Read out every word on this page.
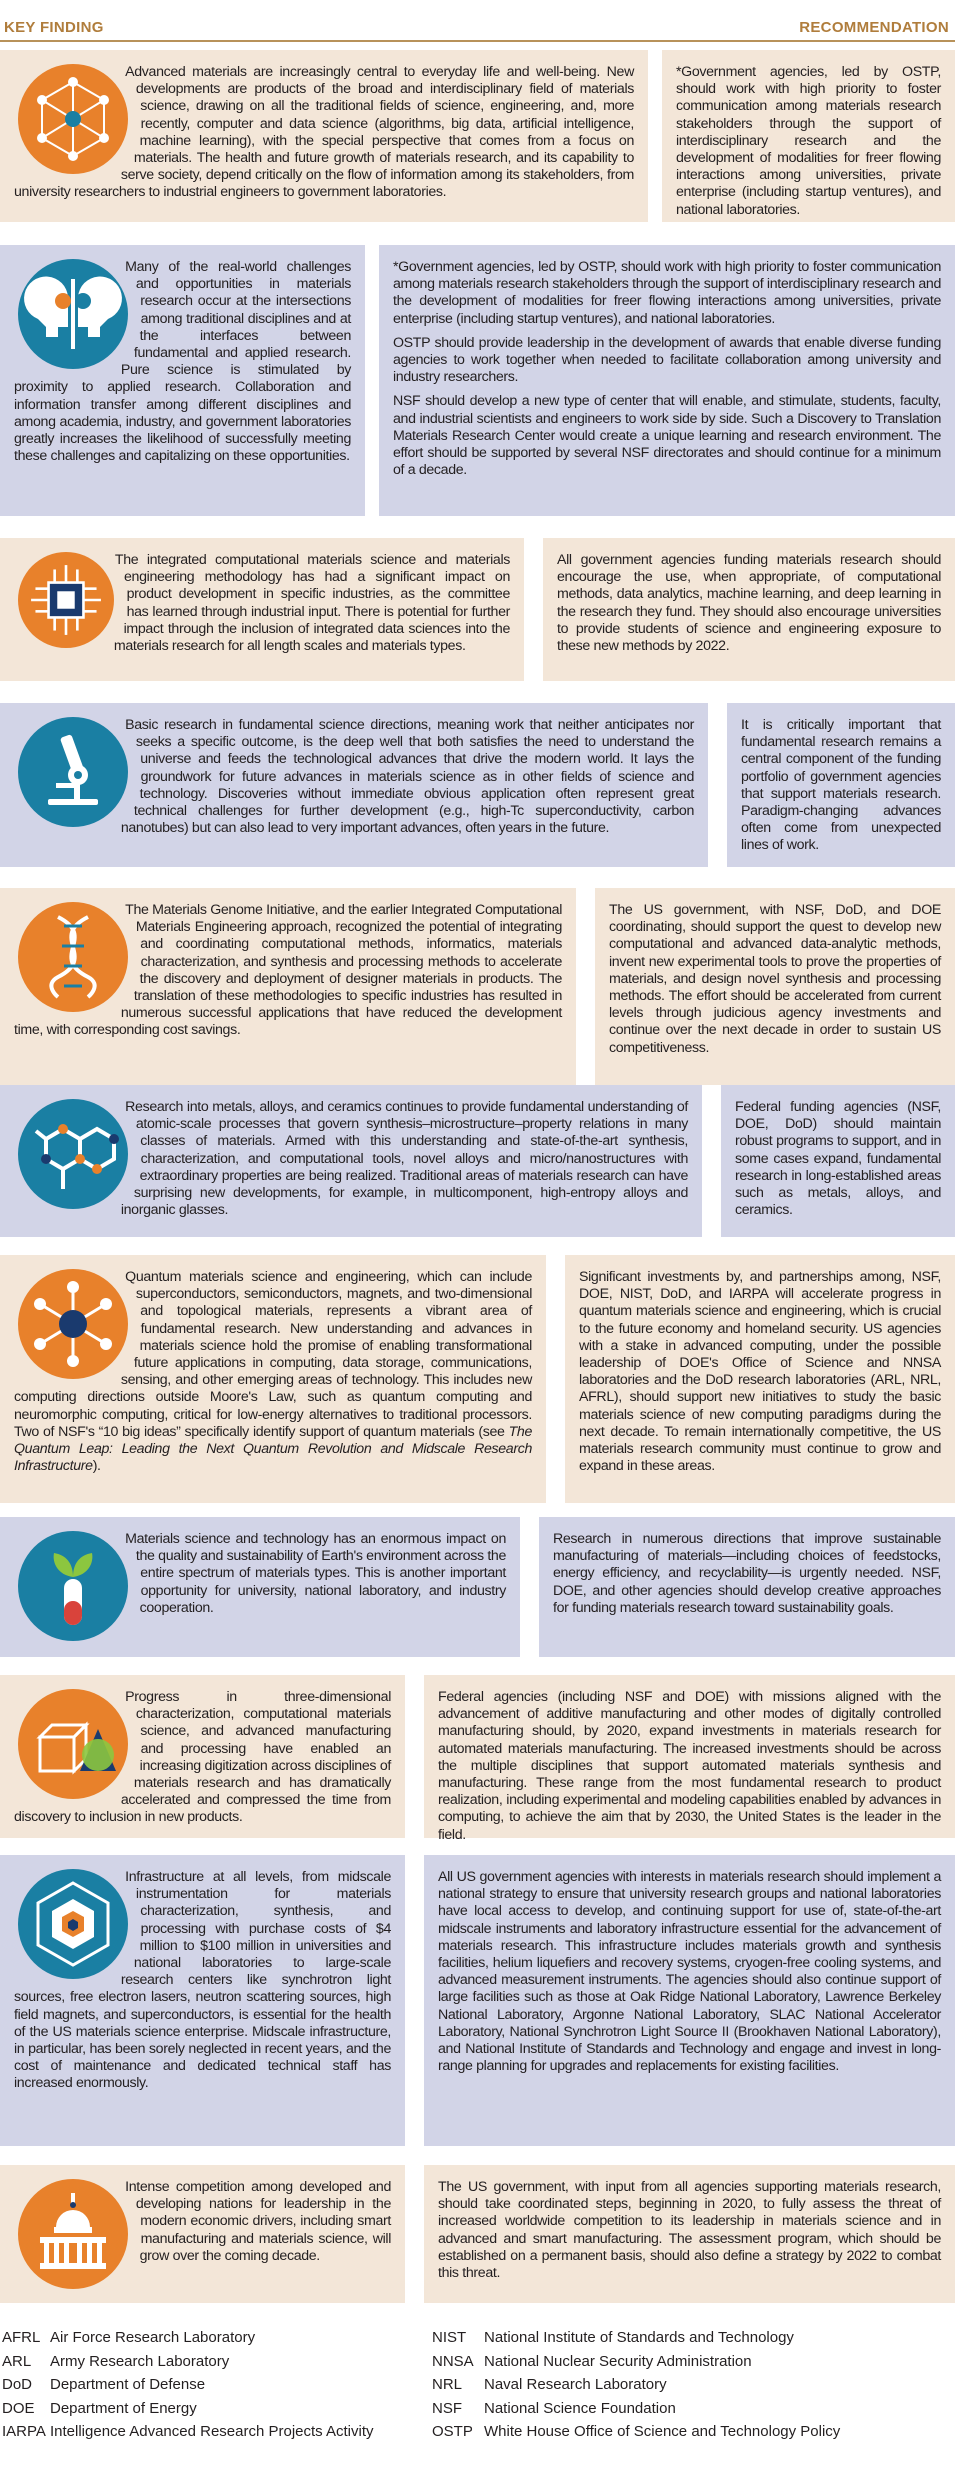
KEY FINDING	RECOMMENDATION

Advanced materials are increasingly central to everyday life and well-being. New developments are products of the broad and interdisciplinary field of materials science, drawing on all the traditional fields of science, engineering, and, more recently, computer and data science (algorithms, big data, artificial intelligence, machine learning), with the special perspective that comes from a focus on materials. The health and future growth of materials research, and its capability to serve society, depend critically on the flow of information among its stakeholders, from university researchers to industrial engineers to government laboratories.

*Government agencies, led by OSTP, should work with high priority to foster communication among materials research stakeholders through the support of interdisciplinary research and the development of modalities for freer flowing interactions among universities, private enterprise (including startup ventures), and national laboratories.

Many of the real-world challenges and opportunities in materials research occur at the intersections among traditional disciplines and at the interfaces between fundamental and applied research. Pure science is stimulated by proximity to applied research. Collaboration and information transfer among different disciplines and among academia, industry, and government laboratories greatly increases the likelihood of successfully meeting these challenges and capitalizing on these opportunities.

*Government agencies, led by OSTP, should work with high priority to foster communication among materials research stakeholders through the support of interdisciplinary research and the development of modalities for freer flowing interactions among universities, private enterprise (including startup ventures), and national laboratories.

OSTP should provide leadership in the development of awards that enable diverse funding agencies to work together when needed to facilitate collaboration among university and industry researchers.

NSF should develop a new type of center that will enable, and stimulate, students, faculty, and industrial scientists and engineers to work side by side. Such a Discovery to Translation Materials Research Center would create a unique learning and research environment. The effort should be supported by several NSF directorates and should continue for a minimum of a decade.

The integrated computational materials science and materials engineering methodology has had a significant impact on product development in specific industries, as the committee has learned through industrial input. There is potential for further impact through the inclusion of integrated data sciences into the materials research for all length scales and materials types.

All government agencies funding materials research should encourage the use, when appropriate, of computational methods, data analytics, machine learning, and deep learning in the research they fund. They should also encourage universities to provide students of science and engineering exposure to these new methods by 2022.

Basic research in fundamental science directions, meaning work that neither anticipates nor seeks a specific outcome, is the deep well that both satisfies the need to understand the universe and feeds the technological advances that drive the modern world. It lays the groundwork for future advances in materials science as in other fields of science and technology. Discoveries without immediate obvious application often represent great technical challenges for further development (e.g., high-Tc superconductivity, carbon nanotubes) but can also lead to very important advances, often years in the future.

It is critically important that fundamental research remains a central component of the funding portfolio of government agencies that support materials research. Paradigm-changing advances often come from unexpected lines of work.

The Materials Genome Initiative, and the earlier Integrated Computational Materials Engineering approach, recognized the potential of integrating and coordinating computational methods, informatics, materials characterization, and synthesis and processing methods to accelerate the discovery and deployment of designer materials in products. The translation of these methodologies to specific industries has resulted in numerous successful applications that have reduced the development time, with corresponding cost savings.

The US government, with NSF, DoD, and DOE coordinating, should support the quest to develop new computational and advanced data-analytic methods, invent new experimental tools to prove the properties of materials, and design novel synthesis and processing methods. The effort should be accelerated from current levels through judicious agency investments and continue over the next decade in order to sustain US competitiveness.

Research into metals, alloys, and ceramics continues to provide fundamental understanding of atomic-scale processes that govern synthesis–microstructure–property relations in many classes of materials. Armed with this understanding and state-of-the-art synthesis, characterization, and computational tools, novel alloys and micro/nanostructures with extraordinary properties are being realized. Traditional areas of materials research can have surprising new developments, for example, in multicomponent, high-entropy alloys and inorganic glasses.

Federal funding agencies (NSF, DOE, DoD) should maintain robust programs to support, and in some cases expand, fundamental research in long-established areas such as metals, alloys, and ceramics.

Quantum materials science and engineering, which can include superconductors, semiconductors, magnets, and two-dimensional and topological materials, represents a vibrant area of fundamental research. New understanding and advances in materials science hold the promise of enabling transformational future applications in computing, data storage, communications, sensing, and other emerging areas of technology. This includes new computing directions outside Moore's Law, such as quantum computing and neuromorphic computing, critical for low-energy alternatives to traditional processors. Two of NSF's “10 big ideas” specifically identify support of quantum materials (see The Quantum Leap: Leading the Next Quantum Revolution and Midscale Research Infrastructure).

Significant investments by, and partnerships among, NSF, DOE, NIST, DoD, and IARPA will accelerate progress in quantum materials science and engineering, which is crucial to the future economy and homeland security. US agencies with a stake in advanced computing, under the possible leadership of DOE's Office of Science and NNSA laboratories and the DoD research laboratories (ARL, NRL, AFRL), should support new initiatives to study the basic materials science of new computing paradigms during the next decade. To remain internationally competitive, the US materials research community must continue to grow and expand in these areas.

Materials science and technology has an enormous impact on the quality and sustainability of Earth's environment across the entire spectrum of materials types. This is another important opportunity for university, national laboratory, and industry cooperation.

Research in numerous directions that improve sustainable manufacturing of materials—including choices of feedstocks, energy efficiency, and recyclability—is urgently needed. NSF, DOE, and other agencies should develop creative approaches for funding materials research toward sustainability goals.

Progress in three-dimensional characterization, computational materials science, and advanced manufacturing and processing have enabled an increasing digitization across disciplines of materials research and has dramatically accelerated and compressed the time from discovery to inclusion in new products.

Federal agencies (including NSF and DOE) with missions aligned with the advancement of additive manufacturing and other modes of digitally controlled manufacturing should, by 2020, expand investments in materials research for automated materials manufacturing. The increased investments should be across the multiple disciplines that support automated materials synthesis and manufacturing. These range from the most fundamental research to product realization, including experimental and modeling capabilities enabled by advances in computing, to achieve the aim that by 2030, the United States is the leader in the field.

Infrastructure at all levels, from midscale instrumentation for materials characterization, synthesis, and processing with purchase costs of $4 million to $100 million in universities and national laboratories to large-scale research centers like synchrotron light sources, free electron lasers, neutron scattering sources, high field magnets, and superconductors, is essential for the health of the US materials science enterprise. Midscale infrastructure, in particular, has been sorely neglected in recent years, and the cost of maintenance and dedicated technical staff has increased enormously.

All US government agencies with interests in materials research should implement a national strategy to ensure that university research groups and national laboratories have local access to develop, and continuing support for use of, state-of-the-art midscale instruments and laboratory infrastructure essential for the advancement of materials research. This infrastructure includes materials growth and synthesis facilities, helium liquefiers and recovery systems, cryogen-free cooling systems, and advanced measurement instruments. The agencies should also continue support of large facilities such as those at Oak Ridge National Laboratory, Lawrence Berkeley National Laboratory, Argonne National Laboratory, SLAC National Accelerator Laboratory, National Synchrotron Light Source II (Brookhaven National Laboratory), and National Institute of Standards and Technology and engage and invest in long-range planning for upgrades and replacements for existing facilities.

Intense competition among developed and developing nations for leadership in the modern economic drivers, including smart manufacturing and materials science, will grow over the coming decade.

The US government, with input from all agencies supporting materials research, should take coordinated steps, beginning in 2020, to fully assess the threat of increased worldwide competition to its leadership in materials science and in advanced and smart manufacturing. The assessment program, which should be established on a permanent basis, should also define a strategy by 2022 to combat this threat.

AFRL Air Force Research Laboratory
ARL Army Research Laboratory
DoD Department of Defense
DOE Department of Energy
IARPA Intelligence Advanced Research Projects Activity
NIST National Institute of Standards and Technology
NNSA National Nuclear Security Administration
NRL Naval Research Laboratory
NSF National Science Foundation
OSTP White House Office of Science and Technology Policy
